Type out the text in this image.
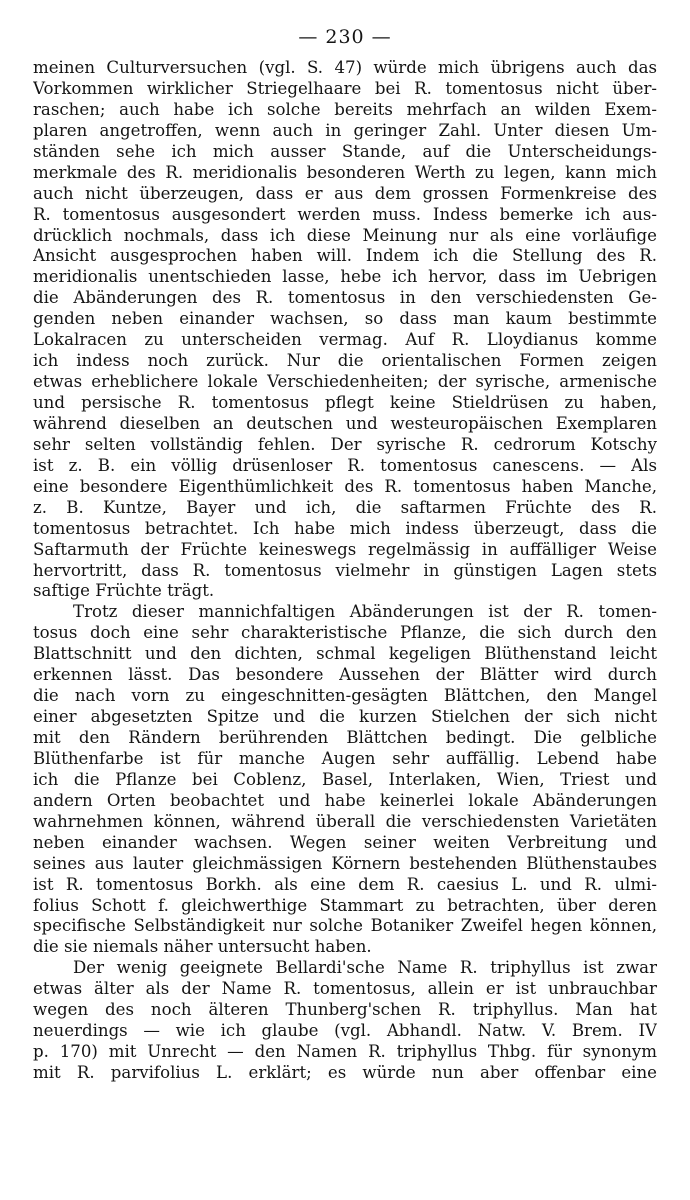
— 230 —
meinen Culturversuchen (vgl. S. 47) würde mich übrigens auch das
Vorkommen wirklicher Striegelhaare bei R. tomentosus nicht über-
raschen; auch habe ich solche bereits mehrfach an wilden Exem-
plaren angetroffen, wenn auch in geringer Zahl. Unter diesen Um-
ständen sehe ich mich ausser Stande, auf die Unterscheidungs-
merkmale des R. meridionalis besonderen Werth zu legen, kann mich
auch nicht überzeugen, dass er aus dem grossen Formenkreise des
R. tomentosus ausgesondert werden muss. Indess bemerke ich aus-
drücklich nochmals, dass ich diese Meinung nur als eine vorläufige
Ansicht ausgesprochen haben will. Indem ich die Stellung des R.
meridionalis unentschieden lasse, hebe ich hervor, dass im Uebrigen
die Abänderungen des R. tomentosus in den verschiedensten Ge-
genden neben einander wachsen, so dass man kaum bestimmte
Lokalracen zu unterscheiden vermag. Auf R. Lloydianus komme
ich indess noch zurück. Nur die orientalischen Formen zeigen
etwas erheblichere lokale Verschiedenheiten; der syrische, armenische
und persische R. tomentosus pflegt keine Stieldrüsen zu haben,
während dieselben an deutschen und westeuropäischen Exemplaren
sehr selten vollständig fehlen. Der syrische R. cedrorum Kotschy
ist z. B. ein völlig drüsenloser R. tomentosus canescens. — Als
eine besondere Eigenthümlichkeit des R. tomentosus haben Manche,
z. B. Kuntze, Bayer und ich, die saftarmen Früchte des R.
tomentosus betrachtet. Ich habe mich indess überzeugt, dass die
Saftarmuth der Früchte keineswegs regelmässig in auffälliger Weise
hervortritt, dass R. tomentosus vielmehr in günstigen Lagen stets
saftige Früchte trägt.
Trotz dieser mannichfaltigen Abänderungen ist der R. tomen-
tosus doch eine sehr charakteristische Pflanze, die sich durch den
Blattschnitt und den dichten, schmal kegeligen Blüthenstand leicht
erkennen lässt. Das besondere Aussehen der Blätter wird durch
die nach vorn zu eingeschnitten-gesägten Blättchen, den Mangel
einer abgesetzten Spitze und die kurzen Stielchen der sich nicht
mit den Rändern berührenden Blättchen bedingt. Die gelbliche
Blüthenfarbe ist für manche Augen sehr auffällig. Lebend habe
ich die Pflanze bei Coblenz, Basel, Interlaken, Wien, Triest und
andern Orten beobachtet und habe keinerlei lokale Abänderungen
wahrnehmen können, während überall die verschiedensten Varietäten
neben einander wachsen. Wegen seiner weiten Verbreitung und
seines aus lauter gleichmässigen Körnern bestehenden Blüthenstaubes
ist R. tomentosus Borkh. als eine dem R. caesius L. und R. ulmi-
folius Schott f. gleichwerthige Stammart zu betrachten, über deren
specifische Selbständigkeit nur solche Botaniker Zweifel hegen können,
die sie niemals näher untersucht haben.
Der wenig geeignete Bellardi'sche Name R. triphyllus ist zwar
etwas älter als der Name R. tomentosus, allein er ist unbrauchbar
wegen des noch älteren Thunberg'schen R. triphyllus. Man hat
neuerdings — wie ich glaube (vgl. Abhandl. Natw. V. Brem. IV
p. 170) mit Unrecht — den Namen R. triphyllus Thbg. für synonym
mit R. parvifolius L. erklärt; es würde nun aber offenbar eine
